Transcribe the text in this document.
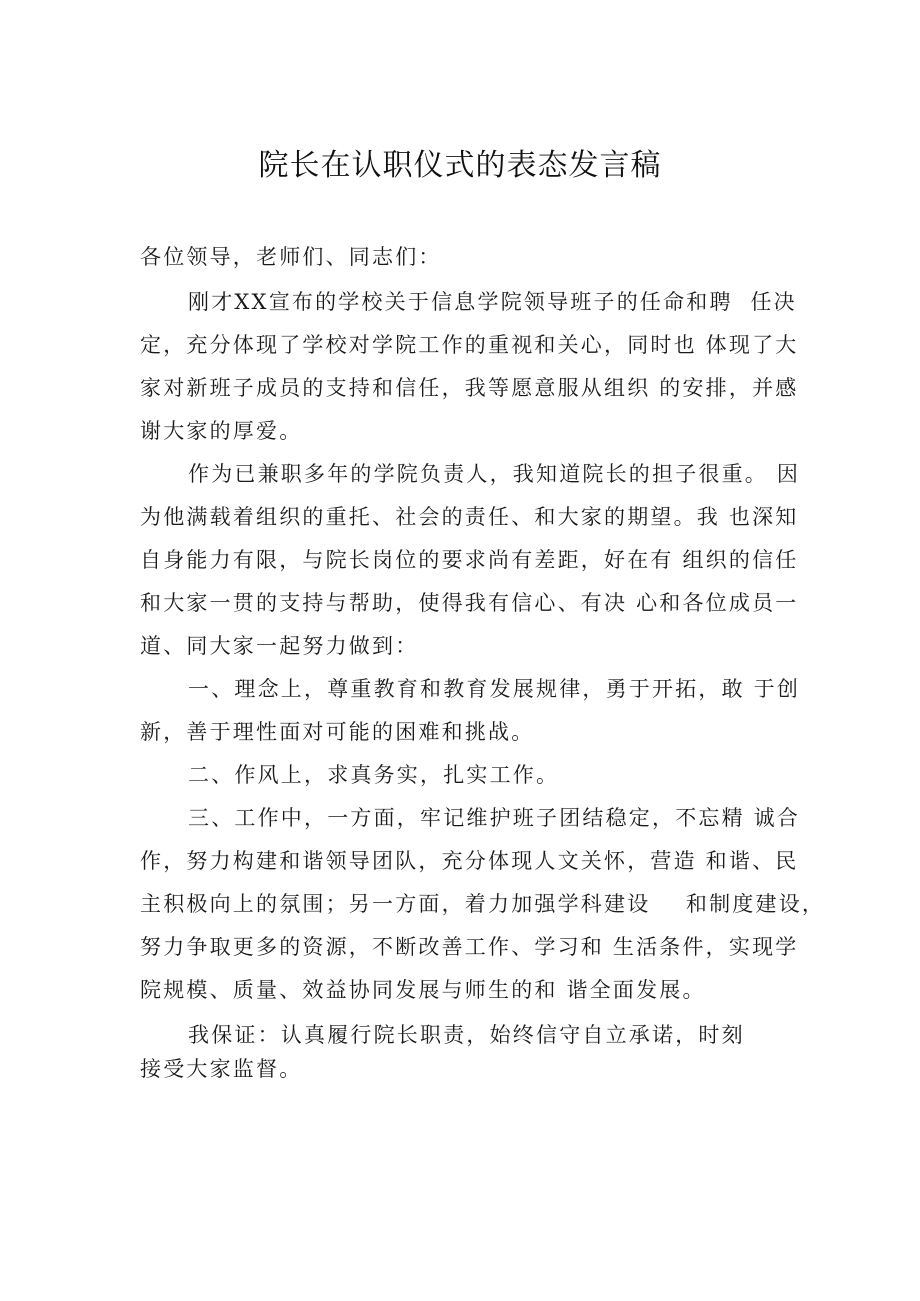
院长在认职仪式的表态发言稿
各位领导，老师们、同志们：
刚才XX宣布的学校关于信息学院领导班子的任命和聘  任决
定，充分体现了学校对学院工作的重视和关心，同时也 体现了大
家对新班子成员的支持和信任，我等愿意服从组织 的安排，并感
谢大家的厚爱。
作为已兼职多年的学院负责人，我知道院长的担子很重。 因
为他满载着组织的重托、社会的责任、和大家的期望。我 也深知
自身能力有限，与院长岗位的要求尚有差距，好在有 组织的信任
和大家一贯的支持与帮助，使得我有信心、有决 心和各位成员一
道、同大家一起努力做到：
一、理念上，尊重教育和教育发展规律，勇于开拓，敢 于创
新，善于理性面对可能的困难和挑战。
二、作风上，求真务实，扎实工作。
三、工作中，一方面，牢记维护班子团结稳定，不忘精 诚合
作，努力构建和谐领导团队，充分体现人文关怀，营造 和谐、民
主积极向上的氛围；另一方面，着力加强学科建设    和制度建设，
努力争取更多的资源，不断改善工作、学习和 生活条件，实现学
院规模、质量、效益协同发展与师生的和 谐全面发展。
我保证：认真履行院长职责，始终信守自立承诺，时刻
接受大家监督。
